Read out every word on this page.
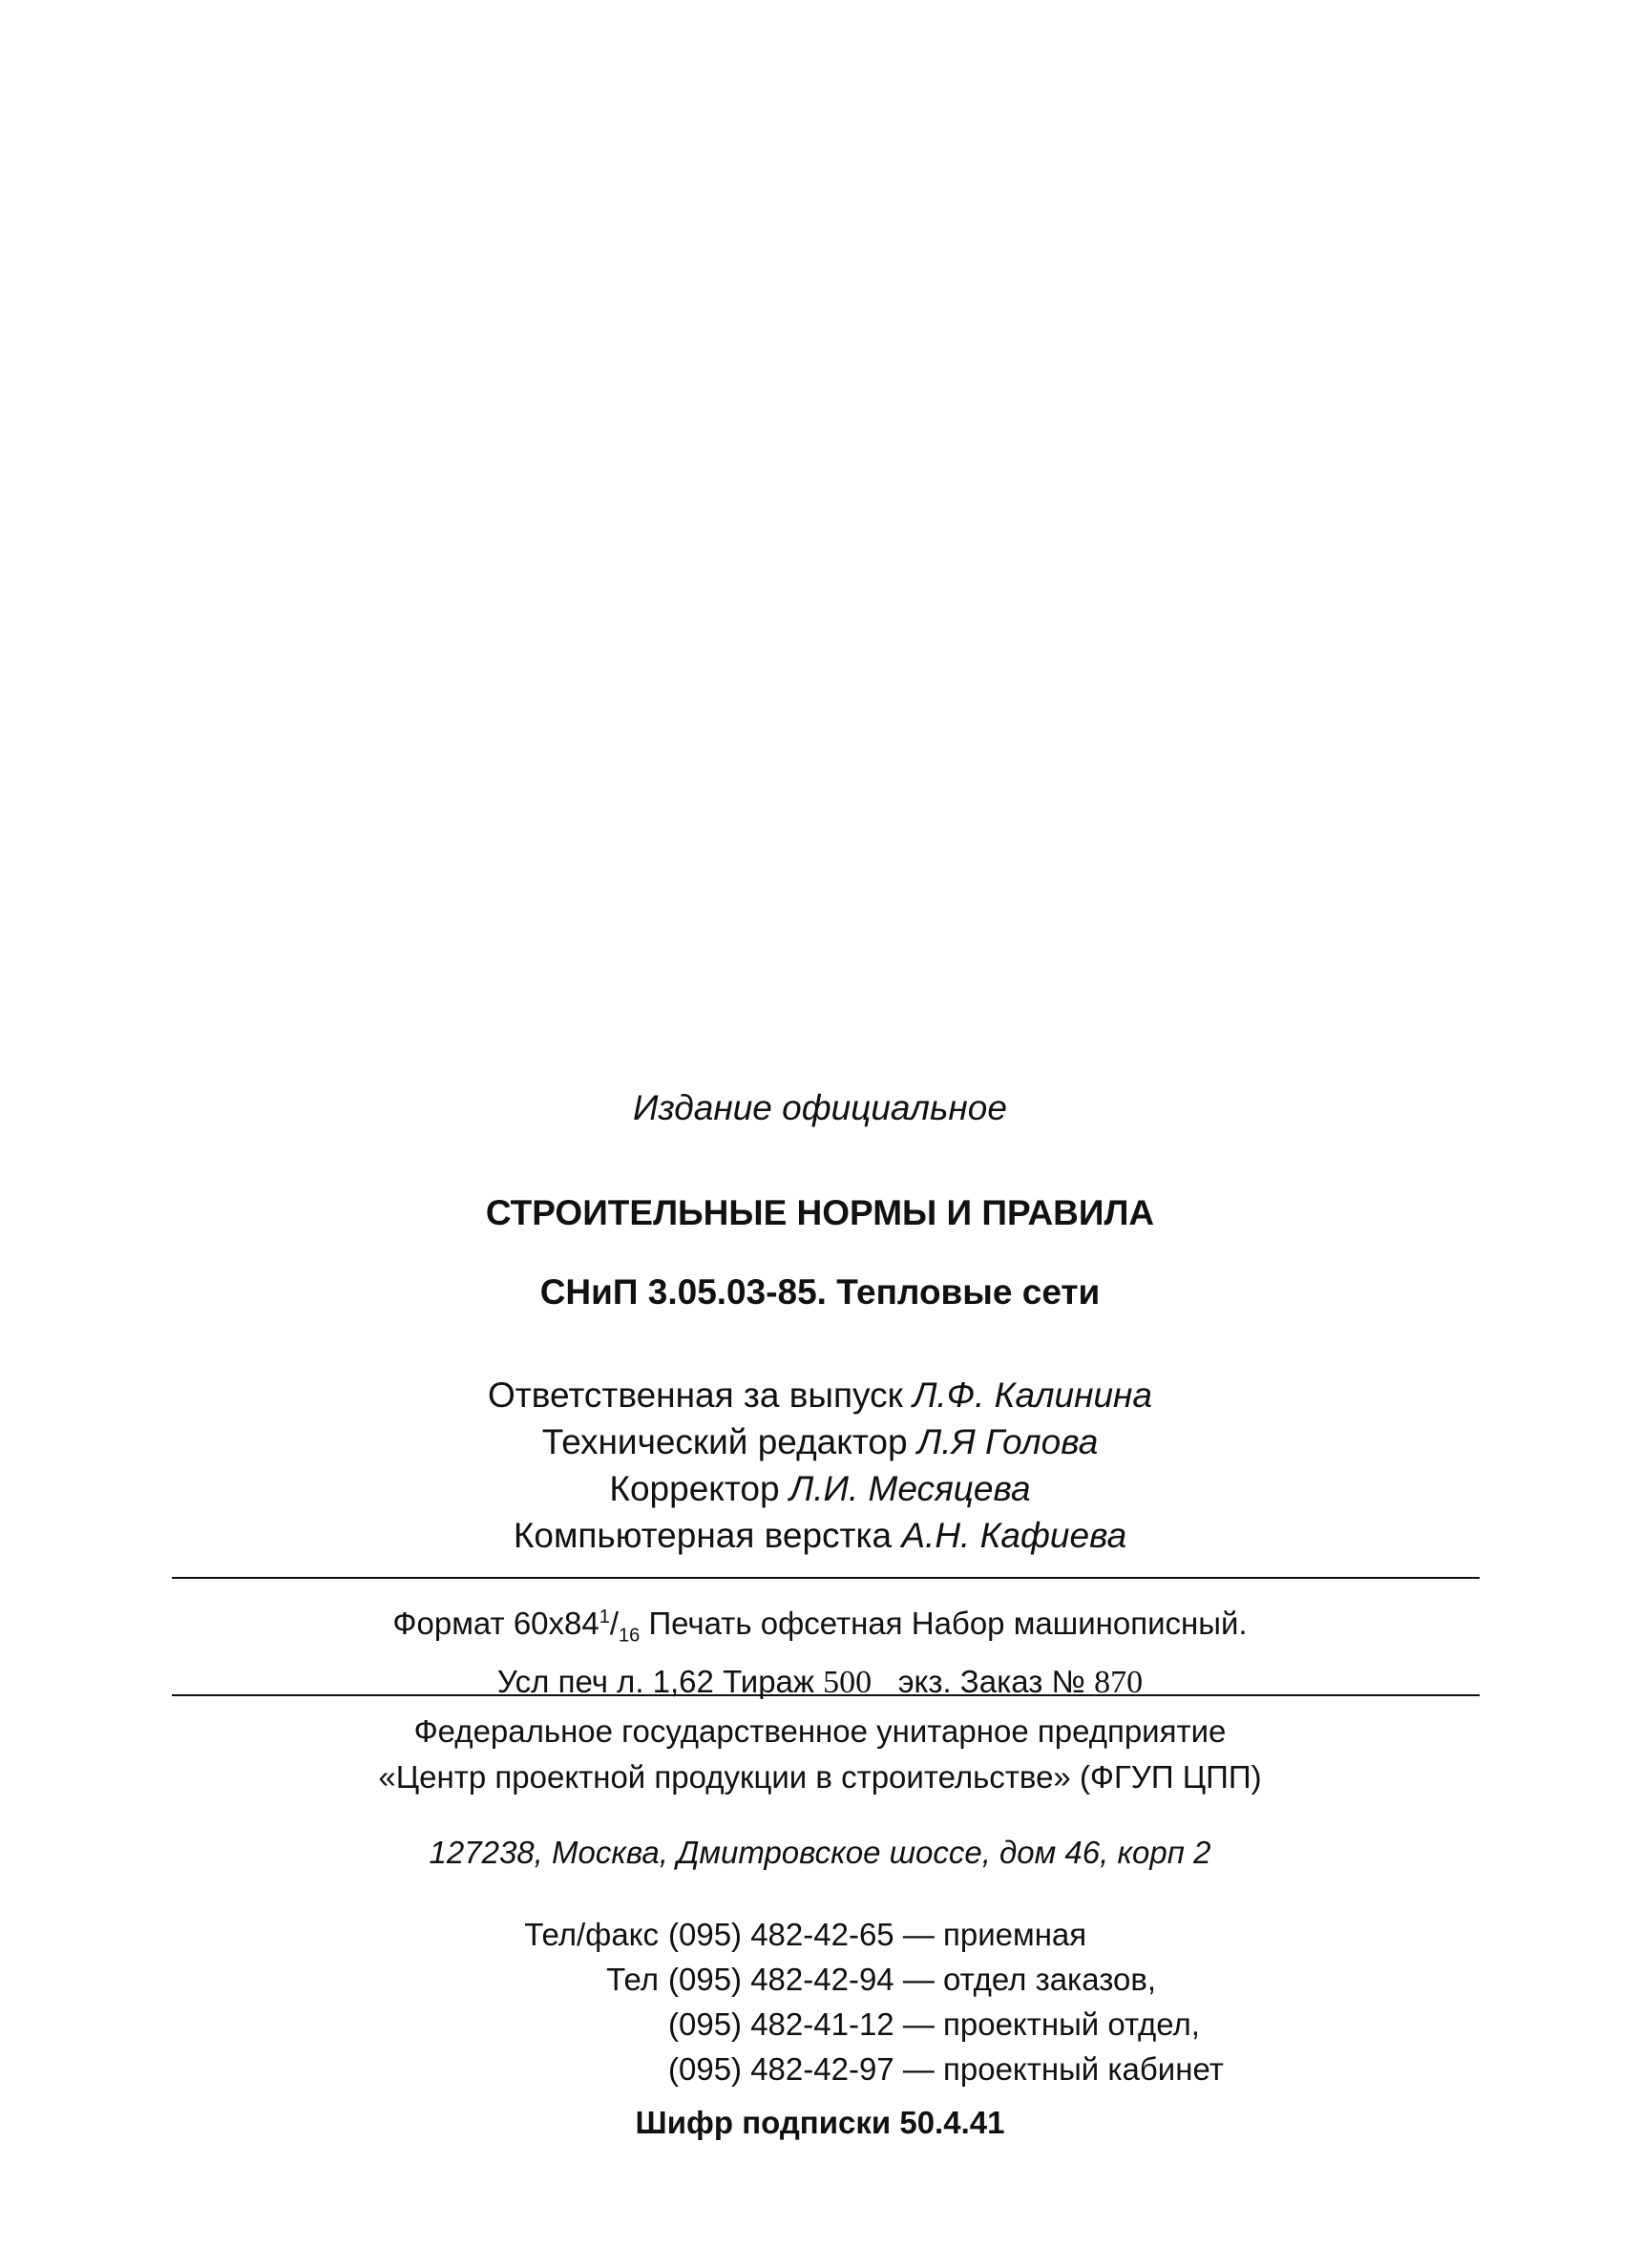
Издание официальное
СТРОИТЕЛЬНЫЕ НОРМЫ И ПРАВИЛА
СНиП 3.05.03-85. Тепловые сети
Ответственная за выпуск Л.Ф. Калинина
Технический редактор Л.Я Голова
Корректор Л.И. Месяцева
Компьютерная верстка А.Н. Кафиева
Формат $60x84^1/_{16}$ Печать офсетная Набор машинописный.
Усл печ л. 1,62 Тираж 500 экз. Заказ № 870
Федеральное государственное унитарное предприятие
«Центр проектной продукции в строительстве» (ФГУП ЦПП)
127238, Москва, Дмитровское шоссе, дом 46, корп 2
Тел/факс (095) 482-42-65 — приемная
Тел (095) 482-42-94 — отдел заказов,
(095) 482-41-12 — проектный отдел,
(095) 482-42-97 — проектный кабинет
Шифр подписки 50.4.41
